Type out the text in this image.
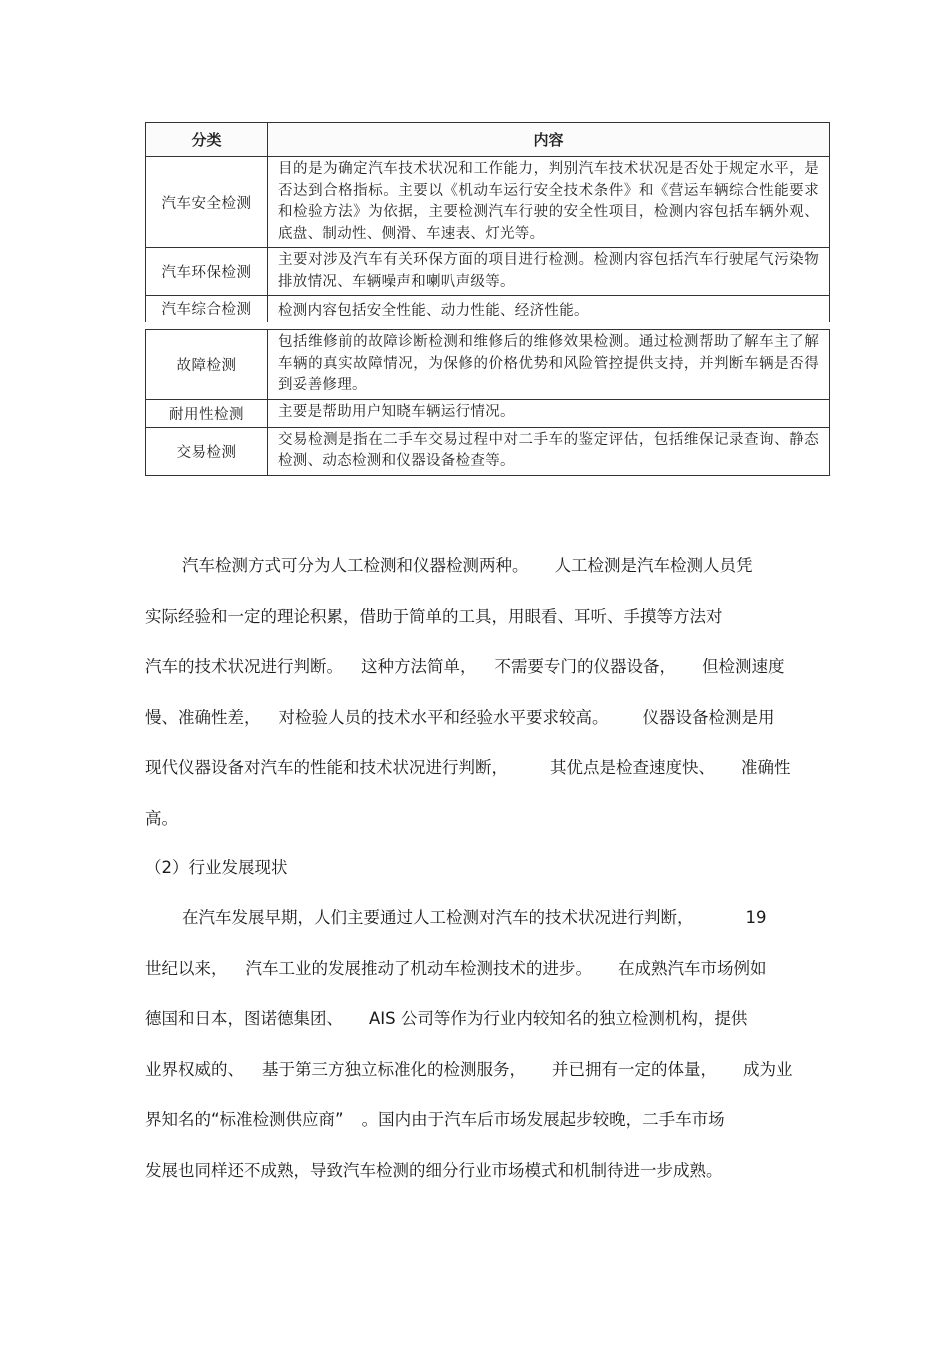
分类	内容
汽车安全检测	目的是为确定汽车技术状况和工作能力，判别汽车技术状况是否处于规定水平，是否达到合格指标。主要以《机动车运行安全技术条件》和《营运车辆综合性能要求和检验方法》为依据，主要检测汽车行驶的安全性项目，检测内容包括车辆外观、底盘、制动性、侧滑、车速表、灯光等。
汽车环保检测	主要对涉及汽车有关环保方面的项目进行检测。检测内容包括汽车行驶尾气污染物排放情况、车辆噪声和喇叭声级等。
汽车综合检测	检测内容包括安全性能、动力性能、经济性能。
故障检测	包括维修前的故障诊断检测和维修后的维修效果检测。通过检测帮助了解车主了解车辆的真实故障情况，为保修的价格优势和风险管控提供支持，并判断车辆是否得到妥善修理。
耐用性检测	主要是帮助用户知晓车辆运行情况。
交易检测	交易检测是指在二手车交易过程中对二手车的鉴定评估，包括维保记录查询、静态检测、动态检测和仪器设备检查等。
汽车检测方式可分为人工检测和仪器检测两种。 人工检测是汽车检测人员凭
实际经验和一定的理论积累，借助于简单的工具，用眼看、耳听、手摸等方法对
汽车的技术状况进行判断。 这种方法简单， 不需要专门的仪器设备， 但检测速度
慢、准确性差， 对检验人员的技术水平和经验水平要求较高。 仪器设备检测是用
现代仪器设备对汽车的性能和技术状况进行判断，	其优点是检查速度快、 准确性
高。
（2）行业发展现状
在汽车发展早期，人们主要通过人工检测对汽车的技术状况进行判断，	19
世纪以来， 汽车工业的发展推动了机动车检测技术的进步。 在成熟汽车市场例如
德国和日本，图诺德集团、 AIS 公司等作为行业内较知名的独立检测机构，提供
业界权威的、 基于第三方独立标准化的检测服务， 并已拥有一定的体量， 成为业
界知名的“标准检测供应商” 。国内由于汽车后市场发展起步较晚，二手车市场
发展也同样还不成熟，导致汽车检测的细分行业市场模式和机制待进一步成熟。
